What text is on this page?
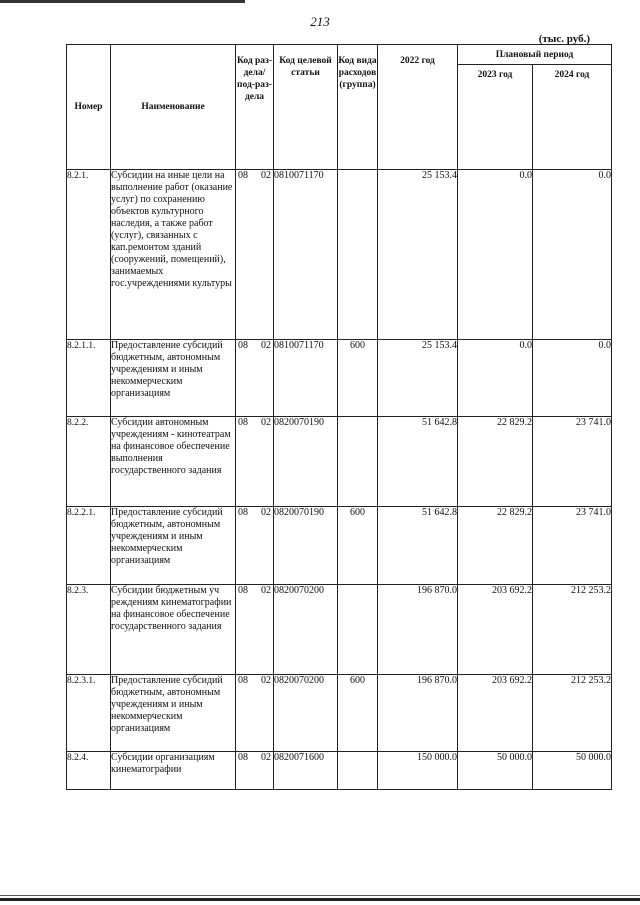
213
(тыс. руб.)
Номер	Наименование	Код раз-дела/ под-раз-дела	Код целевой статьи	Код вида расходов (группа)	2022 год	Плановый период	
						2023 год	2024 год
8.2.1.	Субсидии на иные цели на выполнение работ (оказание услуг) по сохранению объектов культурного наследия, а также работ (услуг), связанных с кап.ремонтом зданий (сооружений, помещений), занимаемых гос.учреждениями культуры	08 02	0810071170		25 153.4	0.0	0.0
8.2.1.1.	Предоставление субсидий бюджетным, автономным учреждениям и иным некоммерческим организациям	08 02	0810071170	600	25 153.4	0.0	0.0
8.2.2.	Субсидии автономным учреждениям - кинотеатрам на финансовое обеспечение выполнения государственного задания	08 02	0820070190		51 642.8	22 829.2	23 741.0
8.2.2.1.	Предоставление субсидий бюджетным, автономным учреждениям и иным некоммерческим организациям	08 02	0820070190	600	51 642.8	22 829.2	23 741.0
8.2.3.	Субсидии бюджетным уч реждениям кинематографии на финансовое обеспечение государственного задания	08 02	0820070200		196 870.0	203 692.2	212 253.2
8.2.3.1.	Предоставление субсидий бюджетным, автономным учреждениям и иным некоммерческим организациям	08 02	0820070200	600	196 870.0	203 692.2	212 253.2
8.2.4.	Субсидии организациям кинематографии	08 02	0820071600		150 000.0	50 000.0	50 000.0
